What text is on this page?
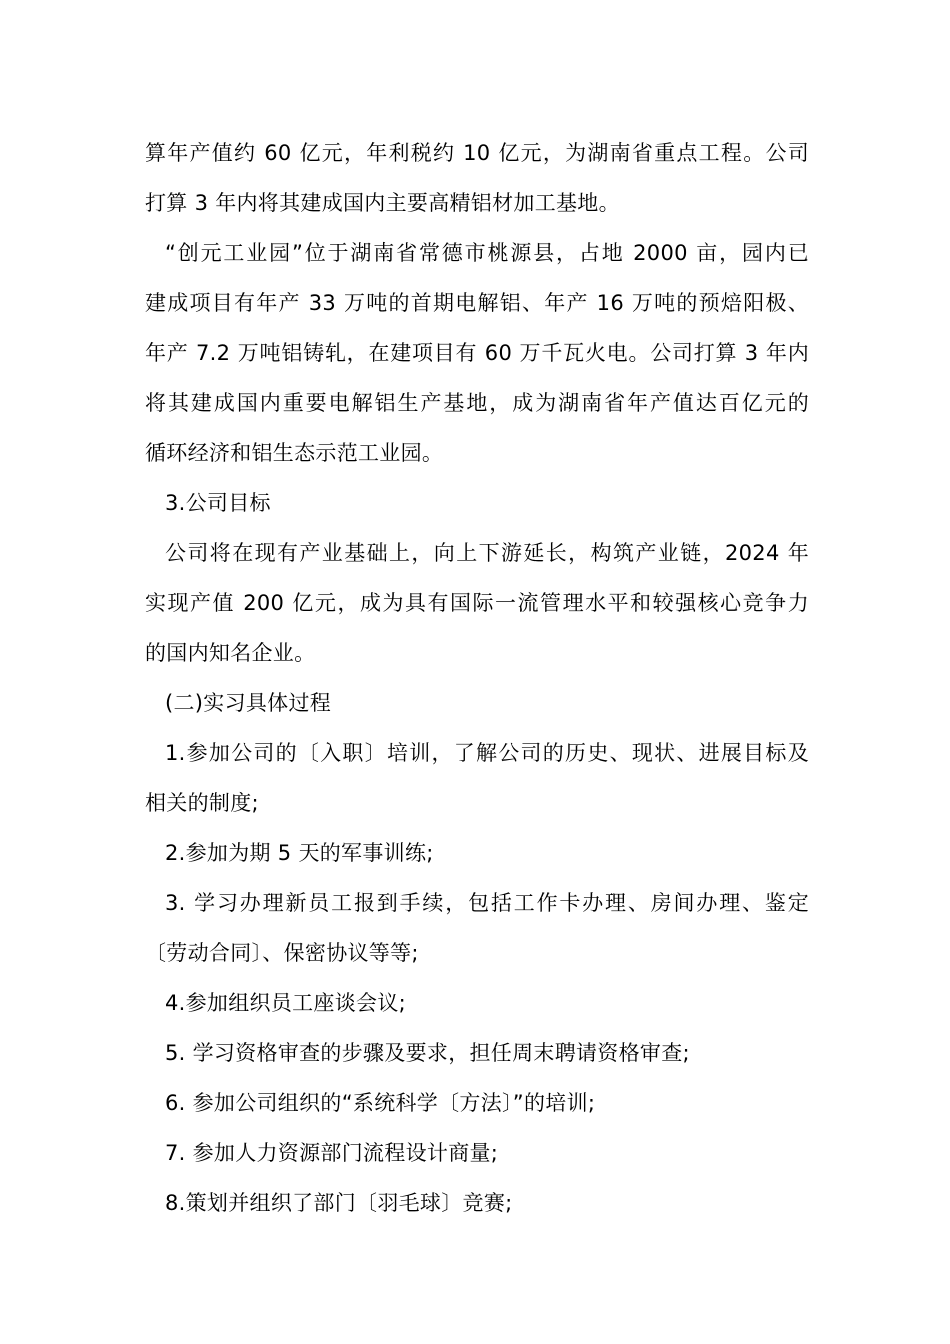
算年产值约 60 亿元，年利税约 10 亿元，为湖南省重点工程。公司
打算 3 年内将其建成国内主要高精铝材加工基地。
“创元工业园”位于湖南省常德市桃源县，占地 2000 亩，园内已
建成项目有年产 33 万吨的首期电解铝、年产 16 万吨的预焙阳极、
年产 7.2 万吨铝铸轧，在建项目有 60 万千瓦火电。公司打算 3 年内
将其建成国内重要电解铝生产基地，成为湖南省年产值达百亿元的
循环经济和铝生态示范工业园。
3.公司目标
公司将在现有产业基础上，向上下游延长，构筑产业链，2024 年
实现产值 200 亿元，成为具有国际一流管理水平和较强核心竞争力
的国内知名企业。
(二)实习具体过程
1.参加公司的〔入职〕培训，了解公司的历史、现状、进展目标及
相关的制度;
2.参加为期 5 天的军事训练;
3. 学习办理新员工报到手续，包括工作卡办理、房间办理、鉴定
〔劳动合同〕、保密协议等等;
4.参加组织员工座谈会议;
5. 学习资格审查的步骤及要求，担任周末聘请资格审查;
6. 参加公司组织的“系统科学〔方法〕”的培训;
7. 参加人力资源部门流程设计商量;
8.策划并组织了部门〔羽毛球〕竞赛;
